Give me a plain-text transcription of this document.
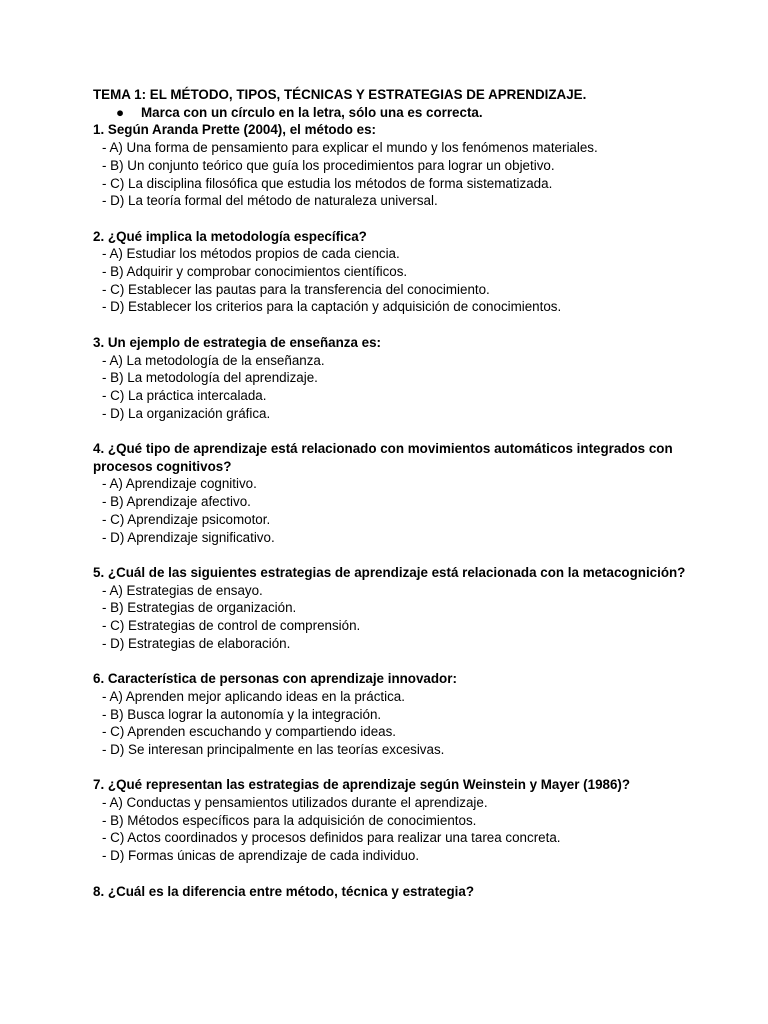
TEMA 1: EL MÉTODO, TIPOS, TÉCNICAS Y ESTRATEGIAS DE APRENDIZAJE.
● Marca con un círculo en la letra, sólo una es correcta.
1. Según Aranda Prette (2004), el método es:
- A) Una forma de pensamiento para explicar el mundo y los fenómenos materiales.
- B) Un conjunto teórico que guía los procedimientos para lograr un objetivo.
- C) La disciplina filosófica que estudia los métodos de forma sistematizada.
- D) La teoría formal del método de naturaleza universal.
2. ¿Qué implica la metodología específica?
- A) Estudiar los métodos propios de cada ciencia.
- B) Adquirir y comprobar conocimientos científicos.
- C) Establecer las pautas para la transferencia del conocimiento.
- D) Establecer los criterios para la captación y adquisición de conocimientos.
3. Un ejemplo de estrategia de enseñanza es:
- A) La metodología de la enseñanza.
- B) La metodología del aprendizaje.
- C) La práctica intercalada.
- D) La organización gráfica.
4. ¿Qué tipo de aprendizaje está relacionado con movimientos automáticos integrados con procesos cognitivos?
- A) Aprendizaje cognitivo.
- B) Aprendizaje afectivo.
- C) Aprendizaje psicomotor.
- D) Aprendizaje significativo.
5. ¿Cuál de las siguientes estrategias de aprendizaje está relacionada con la metacognición?
- A) Estrategias de ensayo.
- B) Estrategias de organización.
- C) Estrategias de control de comprensión.
- D) Estrategias de elaboración.
6. Característica de personas con aprendizaje innovador:
- A) Aprenden mejor aplicando ideas en la práctica.
- B) Busca lograr la autonomía y la integración.
- C) Aprenden escuchando y compartiendo ideas.
- D) Se interesan principalmente en las teorías excesivas.
7. ¿Qué representan las estrategias de aprendizaje según Weinstein y Mayer (1986)?
- A) Conductas y pensamientos utilizados durante el aprendizaje.
- B) Métodos específicos para la adquisición de conocimientos.
- C) Actos coordinados y procesos definidos para realizar una tarea concreta.
- D) Formas únicas de aprendizaje de cada individuo.
8. ¿Cuál es la diferencia entre método, técnica y estrategia?
